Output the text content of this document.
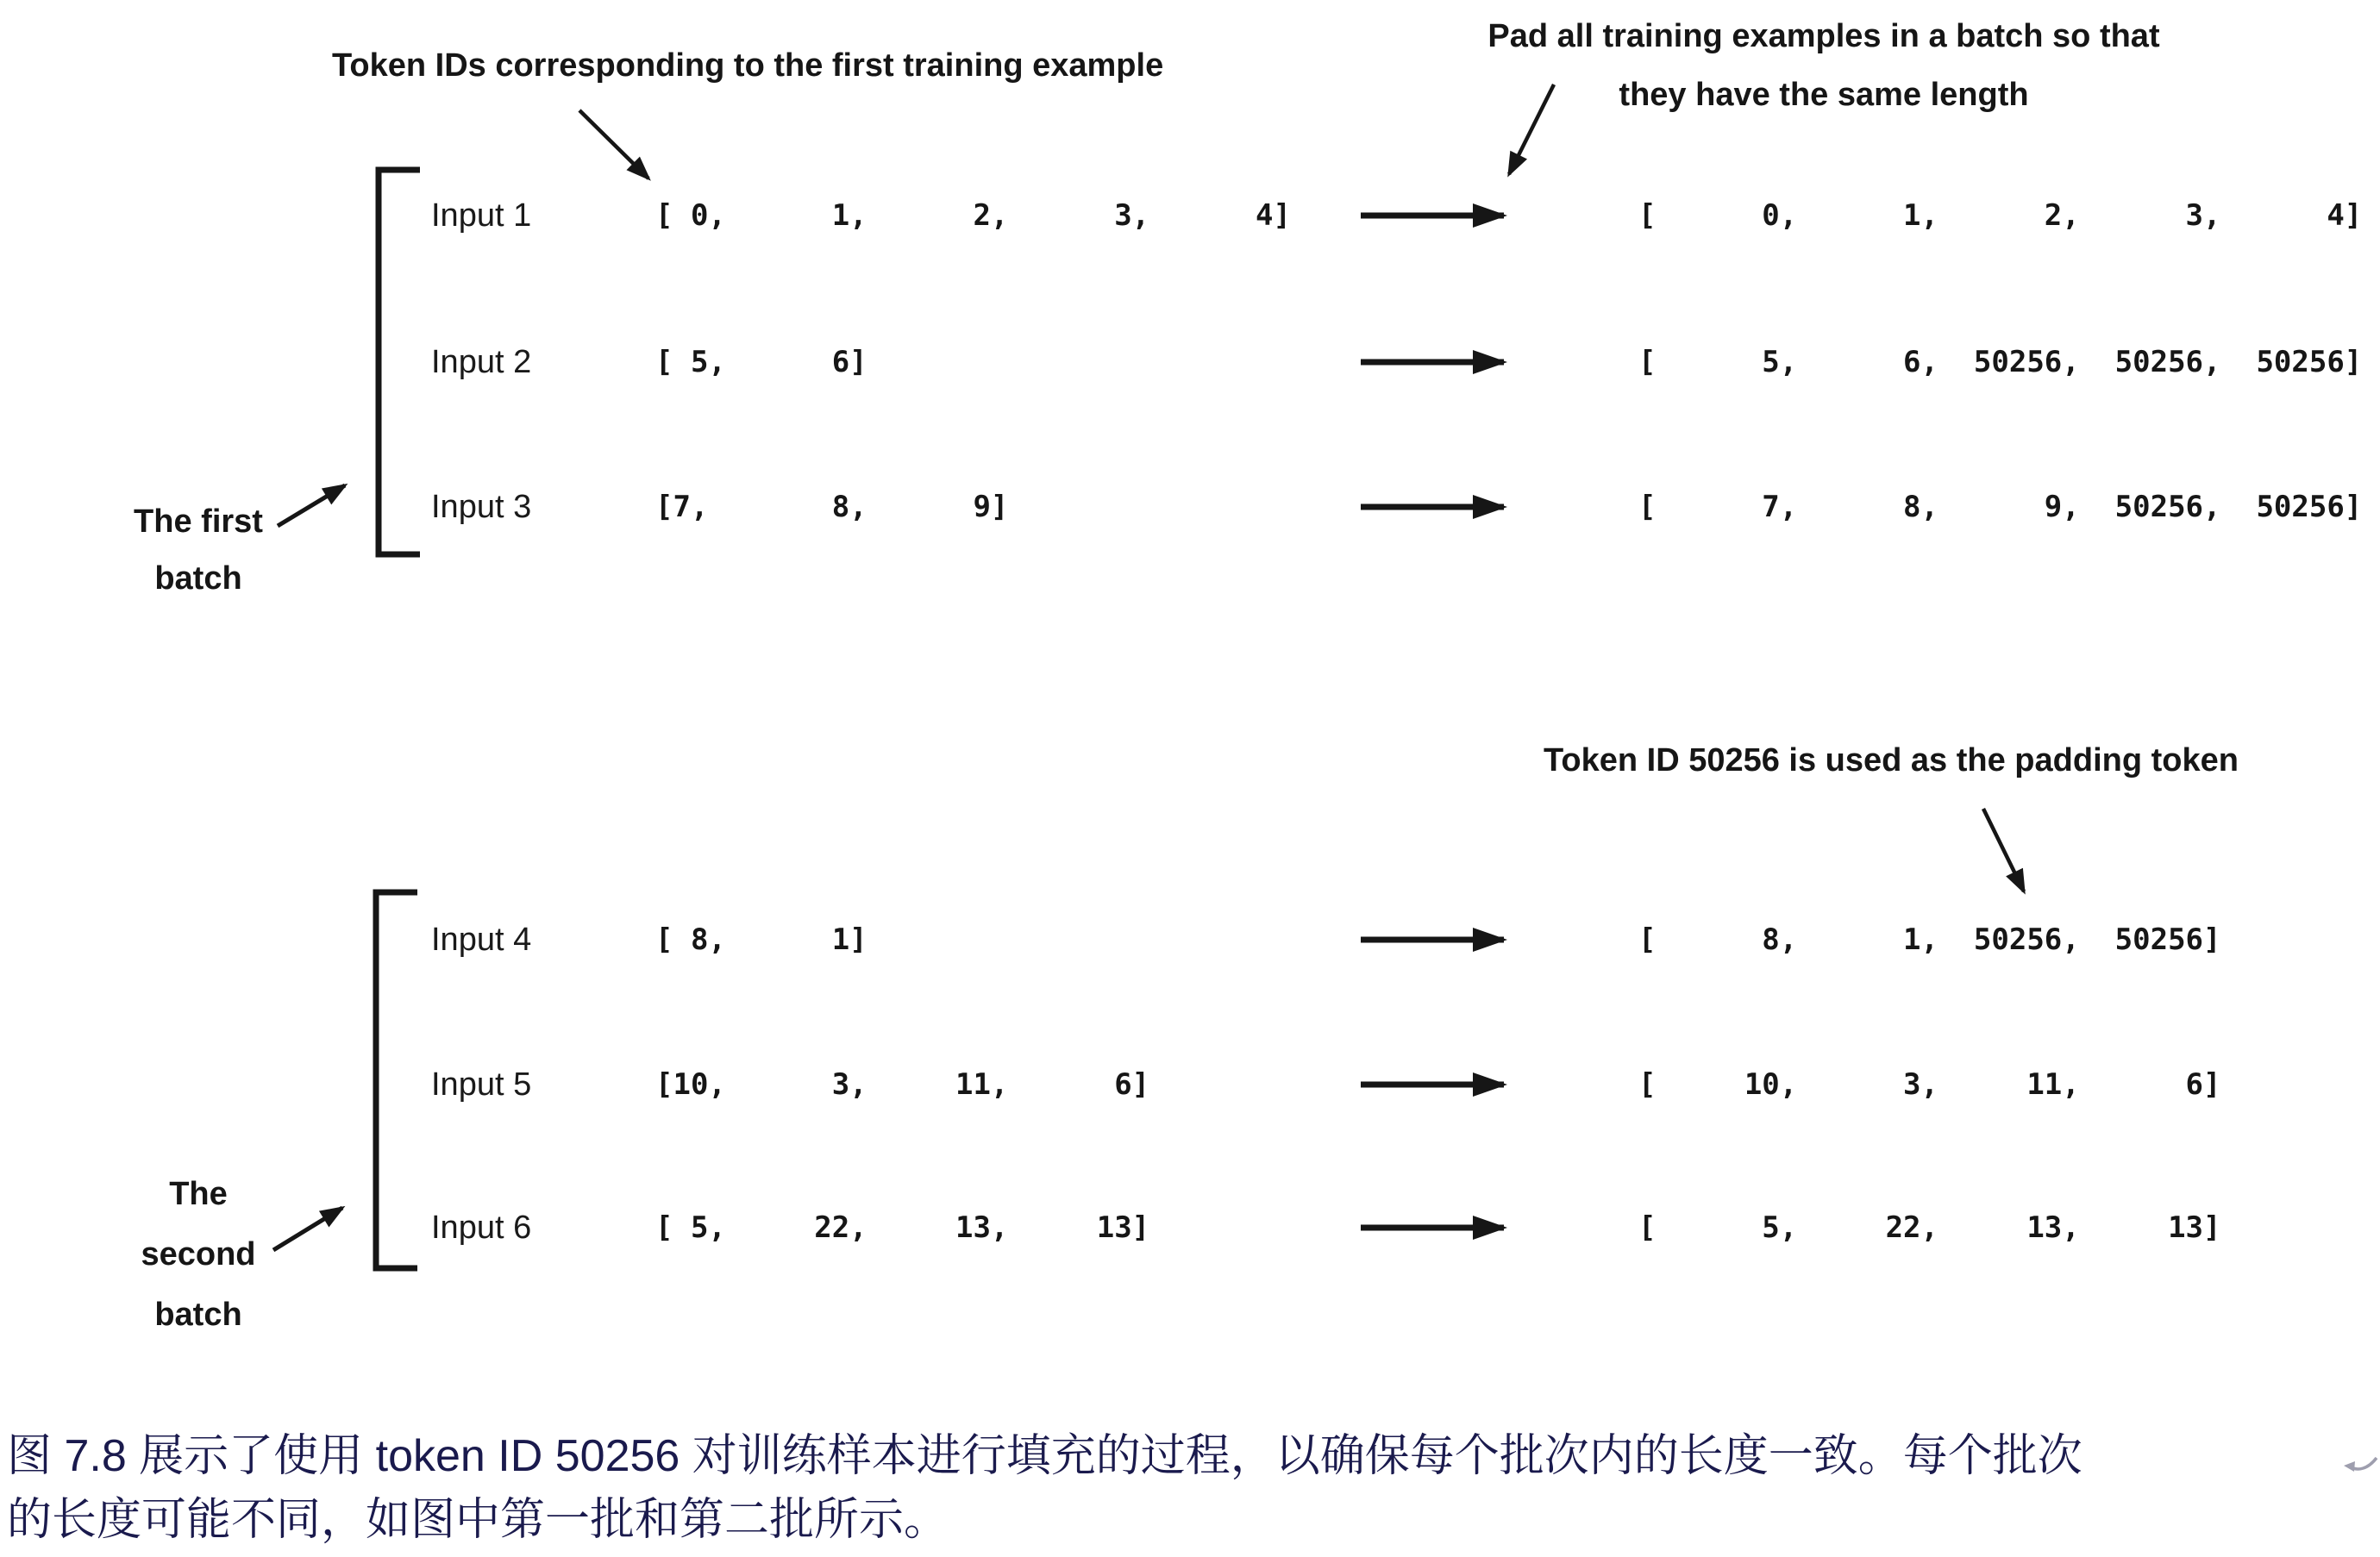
Token IDs corresponding to the first training example
Pad all training examples in a batch so that
they have the same length
Token ID 50256 is used as the padding token
The first
batch
The
second
batch
Input 1	[ 0,      1,      2,      3,      4]	[      0,      1,      2,      3,      4]
Input 2	[ 5,      6]	[      5,      6,  50256,  50256,  50256]
Input 3	[7,       8,      9]	[      7,      8,      9,  50256,  50256]
Input 4	[ 8,      1]	[      8,      1,  50256,  50256]
Input 5	[10,      3,     11,      6]	[     10,      3,     11,      6]
Input 6	[ 5,     22,     13,     13]	[      5,     22,     13,     13]
图 7.8 展示了使用 token ID 50256 对训练样本进行填充的过程，以确保每个批次内的长度一致。每个批次
的长度可能不同，如图中第一批和第二批所示。
